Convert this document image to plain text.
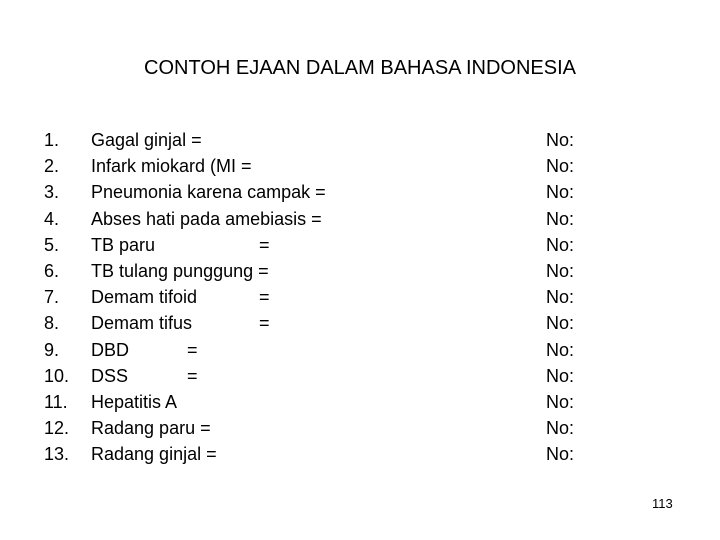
CONTOH EJAAN DALAM BAHASA INDONESIA
1. Gagal ginjal =	No:
2. Infark miokard (MI =	No:
3. Pneumonia karena campak =	No:
4. Abses hati pada amebiasis =	No:
5. TB paru	=	No:
6. TB tulang punggung =	No:
7. Demam tifoid	=	No:
8. Demam tifus	=	No:
9. DBD	=	No:
10. DSS	=	No:
11. Hepatitis A	No:
12. Radang paru =	No:
13. Radang ginjal =	No:
113
